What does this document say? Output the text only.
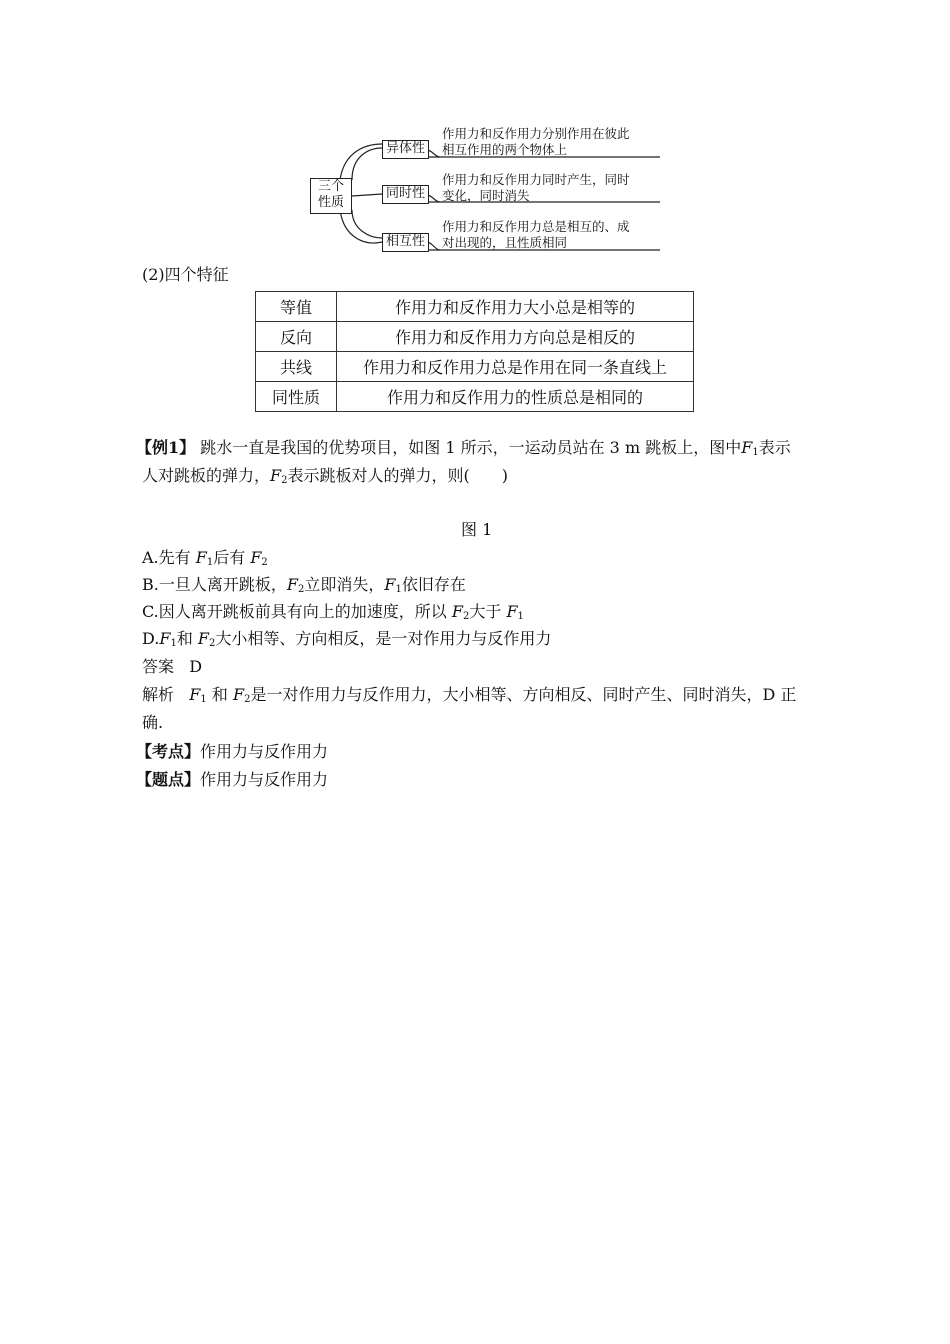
三个
性质
异体性
同时性
相互性
作用力和反作用力分别作用在彼此
相互作用的两个物体上
作用力和反作用力同时产生，同时
变化，同时消失
作用力和反作用力总是相互的、成
对出现的，且性质相同
(2)四个特征
等值	作用力和反作用力大小总是相等的
反向	作用力和反作用力方向总是相反的
共线	作用力和反作用力总是作用在同一条直线上
同性质	作用力和反作用力的性质总是相同的
【例1】 跳水一直是我国的优势项目，如图 1 所示，一运动员站在 3 m 跳板上，图中$F_1$表示
人对跳板的弹力，$F_2$表示跳板对人的弹力，则(　　)
图 1
A.先有 $F_1$后有 $F_2$
B.一旦人离开跳板，$F_2$立即消失，$F_1$依旧存在
C.因人离开跳板前具有向上的加速度，所以 $F_2$大于 $F_1$
$D.F_1$和 $F_2$大小相等、方向相反，是一对作用力与反作用力
答案 D
解析 $F_1$ 和 $F_2$是一对作用力与反作用力，大小相等、方向相反、同时产生、同时消失，D 正
确.
【考点】作用力与反作用力
【题点】作用力与反作用力
